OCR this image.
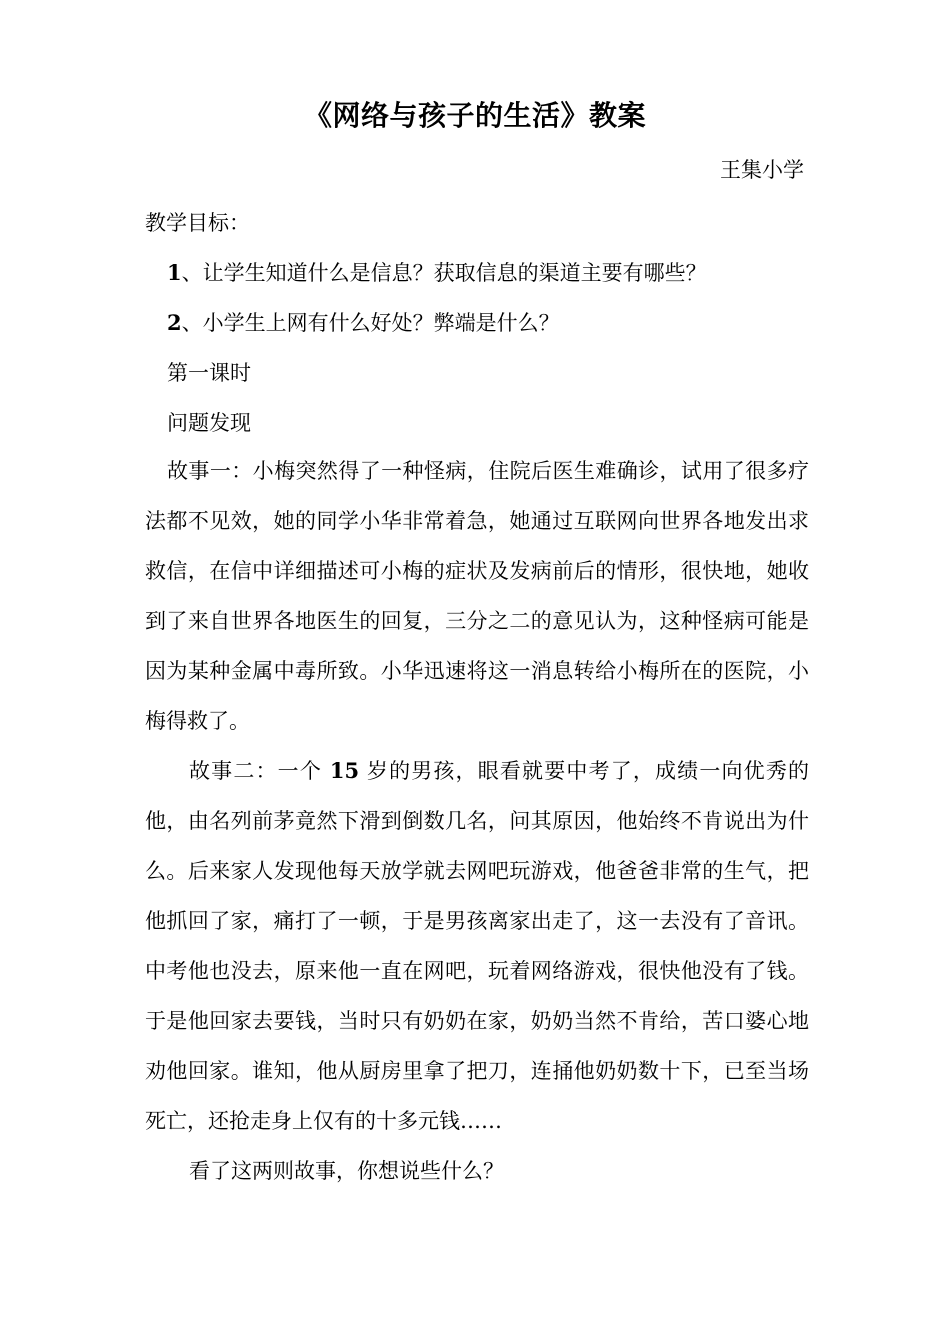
《网络与孩子的生活》教案

王集小学

教学目标：

1、让学生知道什么是信息？获取信息的渠道主要有哪些？

2、小学生上网有什么好处？弊端是什么？

第一课时

问题发现

故事一：小梅突然得了一种怪病，住院后医生难确诊，试用了很多疗法都不见效，她的同学小华非常着急，她通过互联网向世界各地发出求救信，在信中详细描述可小梅的症状及发病前后的情形，很快地，她收到了来自世界各地医生的回复，三分之二的意见认为，这种怪病可能是因为某种金属中毒所致。小华迅速将这一消息转给小梅所在的医院，小梅得救了。

故事二：一个 15 岁的男孩，眼看就要中考了，成绩一向优秀的他，由名列前茅竟然下滑到倒数几名，问其原因，他始终不肯说出为什么。后来家人发现他每天放学就去网吧玩游戏，他爸爸非常的生气，把他抓回了家，痛打了一顿，于是男孩离家出走了，这一去没有了音讯。中考他也没去，原来他一直在网吧，玩着网络游戏，很快他没有了钱。于是他回家去要钱，当时只有奶奶在家，奶奶当然不肯给，苦口婆心地劝他回家。谁知，他从厨房里拿了把刀，连捅他奶奶数十下，已至当场死亡，还抢走身上仅有的十多元钱……

看了这两则故事，你想说些什么？
